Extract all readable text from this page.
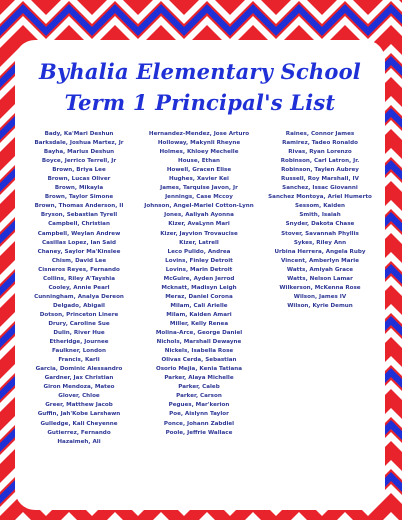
Byhalia Elementary School
Term 1 Principal's List
Bady, Ka'Mari Deshun
Barksdale, Joshua Martez, Jr
Bayha, Marius Deshun
Boyce, Jerrico Terrell, Jr
Brown, Briya Lee
Brown, Lucas Oliver
Brown, Mikayla
Brown, Taylor Simone
Brown, Thomas Anderson, II
Bryson, Sebastian Tyrell
Campbell, Christian
Campbell, Weylan Andrew
Casillas Lopez, Ian Said
Chaney, Saylor Ma'Kinslee
Chism, David Lee
Cisneros Reyes, Fernando
Collins, Riley A'Tayshia
Cooley, Annie Pearl
Cunningham, Analya Dereon
Delgado, Abigail
Dotson, Princeton Linere
Drury, Caroline Sue
Dulin, River Hue
Etheridge, Journee
Faulkner, London
Francis, Karli
Garcia, Dominic Alessandro
Gardner, Jax Christian
Giron Mendoza, Mateo
Glover, Chloe
Greer, Matthew Jacob
Guffin, Jah'Kobe Larshawn
Gulledge, Kali Cheyenne
Gutierrez, Fernando
Hazaimeh, Ali
Hernandez-Mendez, Jose Arturo
Holloway, Makynli Rheyne
Holmes, Khloey Mechelle
House, Ethan
Howell, Gracen Elise
Hughes, Xavier Kei
James, Tarquise Javon, Jr
Jennings, Case Mccoy
Johnson, Angel-Mariel Cotton-Lynn
Jones, Aaliyah Ayonna
Kizer, AvaLynn Mari
Kizer, Jayvion Trovaucise
Kizer, Latrell
Leco Pulido, Andrea
Lovins, Finley Detroit
Lovins, Marin Detroit
McGuire, Ayden Jerrod
Mcknatt, Madisyn Leigh
Meraz, Daniel Corona
Milam, Cali Arielle
Milam, Kaiden Amari
Miller, Kelly Renea
Molina-Arce, George Daniel
Nichols, Marshall Dewayne
Nickels, Isabella Rose
Olivas Cerda, Sebastian
Osorio Mejia, Kenia Tatiana
Parker, Alaya Michelle
Parker, Caleb
Parker, Carson
Pegues, Mar'kerion
Poe, Aislynn Taylor
Ponce, Johann Zabdiel
Poole, Jeffrie Wallace
Raines, Connor James
Ramirez, Tadeo Ronaldo
Rivas, Ryan Lorenzo
Robinson, Carl Latron, Jr.
Robinson, Taylen Aubrey
Russell, Roy Marshall, IV
Sanchez, Issac Giovanni
Sanchez Montoya, Ariel Humerto
Sessom, Kaiden
Smith, Isaiah
Snyder, Dakota Chase
Stover, Savannah Phyllis
Sykes, Riley Ann
Urbina Herrera, Angela Ruby
Vincent, Amberlyn Marie
Watts, Amiyah Grace
Watts, Nelson Lamar
Wilkerson, McKenna Rose
Wilson, James IV
Wilson, Kyrie Demun
